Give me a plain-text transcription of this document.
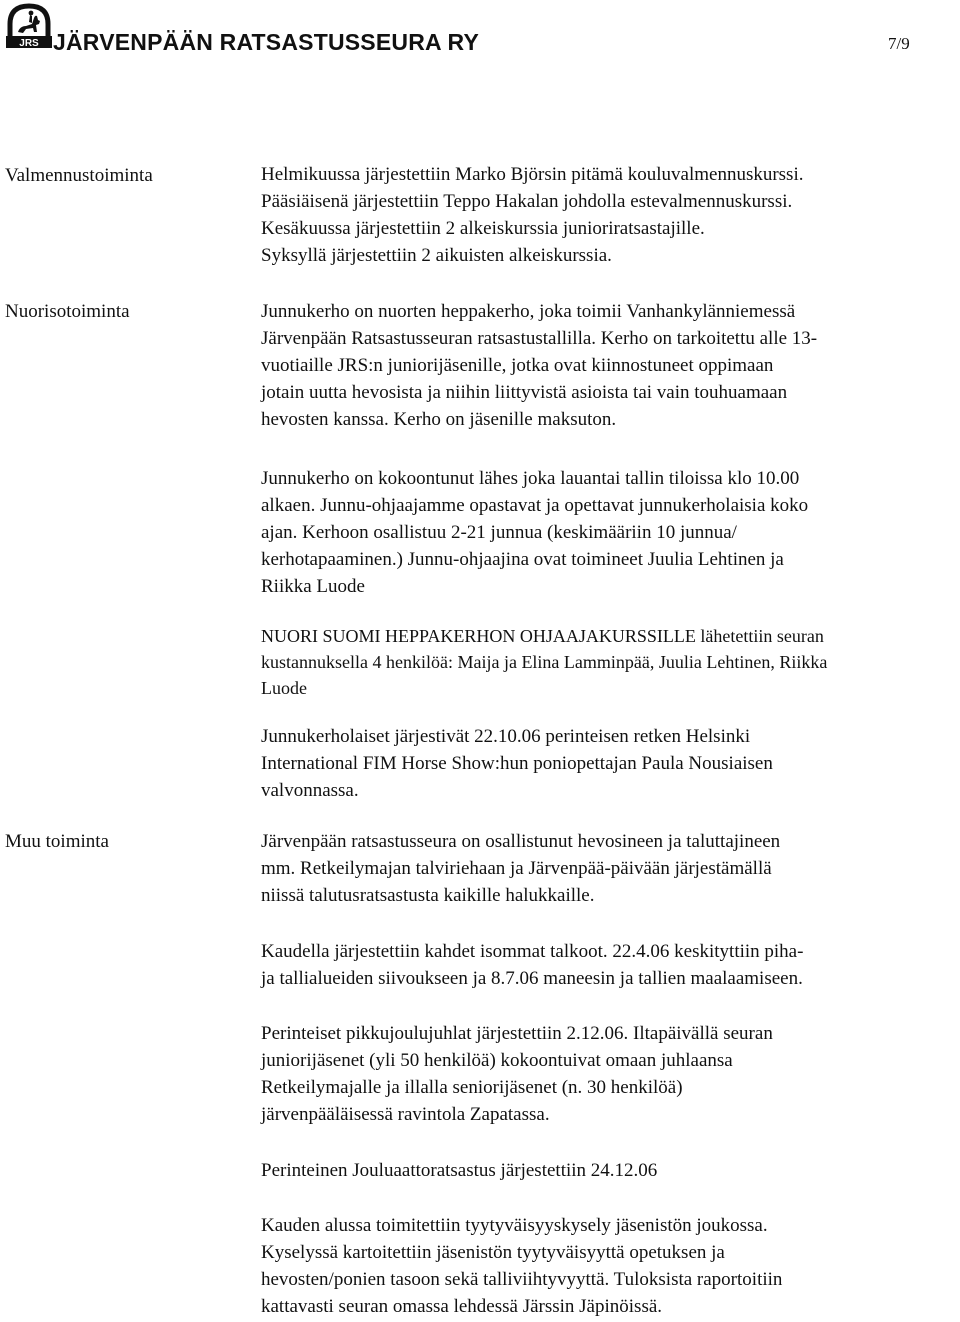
JRS JÄRVENPÄÄN RATSASTUSSEURA RY	7/9
Valmennustoiminta	Helmikuussa järjestettiin Marko Björsin pitämä kouluvalmennuskurssi.
Pääsiäisenä järjestettiin Teppo Hakalan johdolla estevalmennuskurssi.
Kesäkuussa järjestettiin 2 alkeiskurssia junioriratsastajille.
Syksyllä järjestettiin 2 aikuisten alkeiskurssia.
Nuorisotoiminta	Junnukerho on nuorten heppakerho, joka toimii Vanhankylänniemessä
Järvenpään Ratsastusseuran ratsastustallilla. Kerho on tarkoitettu alle 13-
vuotiaille JRS:n juniorijäsenille, jotka ovat kiinnostuneet oppimaan
jotain uutta hevosista ja niihin liittyvistä asioista tai vain touhuamaan
hevosten kanssa. Kerho on jäsenille maksuton.
Junnukerho on kokoontunut lähes joka lauantai tallin tiloissa klo 10.00
alkaen. Junnu-ohjaajamme opastavat ja opettavat junnukerholaisia koko
ajan. Kerhoon osallistuu 2-21 junnua (keskimääriin 10 junnua/
kerhotapaaminen.) Junnu-ohjaajina ovat toimineet Juulia Lehtinen ja
Riikka Luode
NUORI SUOMI HEPPAKERHON OHJAAJAKURSSILLE lähetettiin seuran
kustannuksella 4 henkilöä: Maija ja Elina Lamminpää, Juulia Lehtinen, Riikka
Luode
Junnukerholaiset järjestivät 22.10.06 perinteisen retken Helsinki
International FIM Horse Show:hun poniopettajan Paula Nousiaisen
valvonnassa.
Muu toiminta	Järvenpään ratsastusseura on osallistunut hevosineen ja taluttajineen
mm. Retkeilymajan talviriehaan ja Järvenpää-päivään järjestämällä
niissä talutusratsastusta kaikille halukkaille.
Kaudella järjestettiin kahdet isommat talkoot. 22.4.06 keskityttiin piha-
ja tallialueiden siivoukseen ja 8.7.06 maneesin ja tallien maalaamiseen.
Perinteiset pikkujoulujuhlat järjestettiin 2.12.06. Iltapäivällä seuran
juniorijäsenet (yli 50 henkilöä) kokoontuivat omaan juhlaansa
Retkeilymajalle ja illalla seniorijäsenet (n. 30 henkilöä)
järvenpääläisessä ravintola Zapatassa.
Perinteinen Jouluaattoratsastus järjestettiin 24.12.06
Kauden alussa toimitettiin tyytyväisyyskysely jäsenistön joukossa.
Kyselyssä kartoitettiin jäsenistön tyytyväisyyttä opetuksen ja
hevosten/ponien tasoon sekä talliviihtyvyyttä. Tuloksista raportoitiin
kattavasti seuran omassa lehdessä Järssin Jäpinöissä.
